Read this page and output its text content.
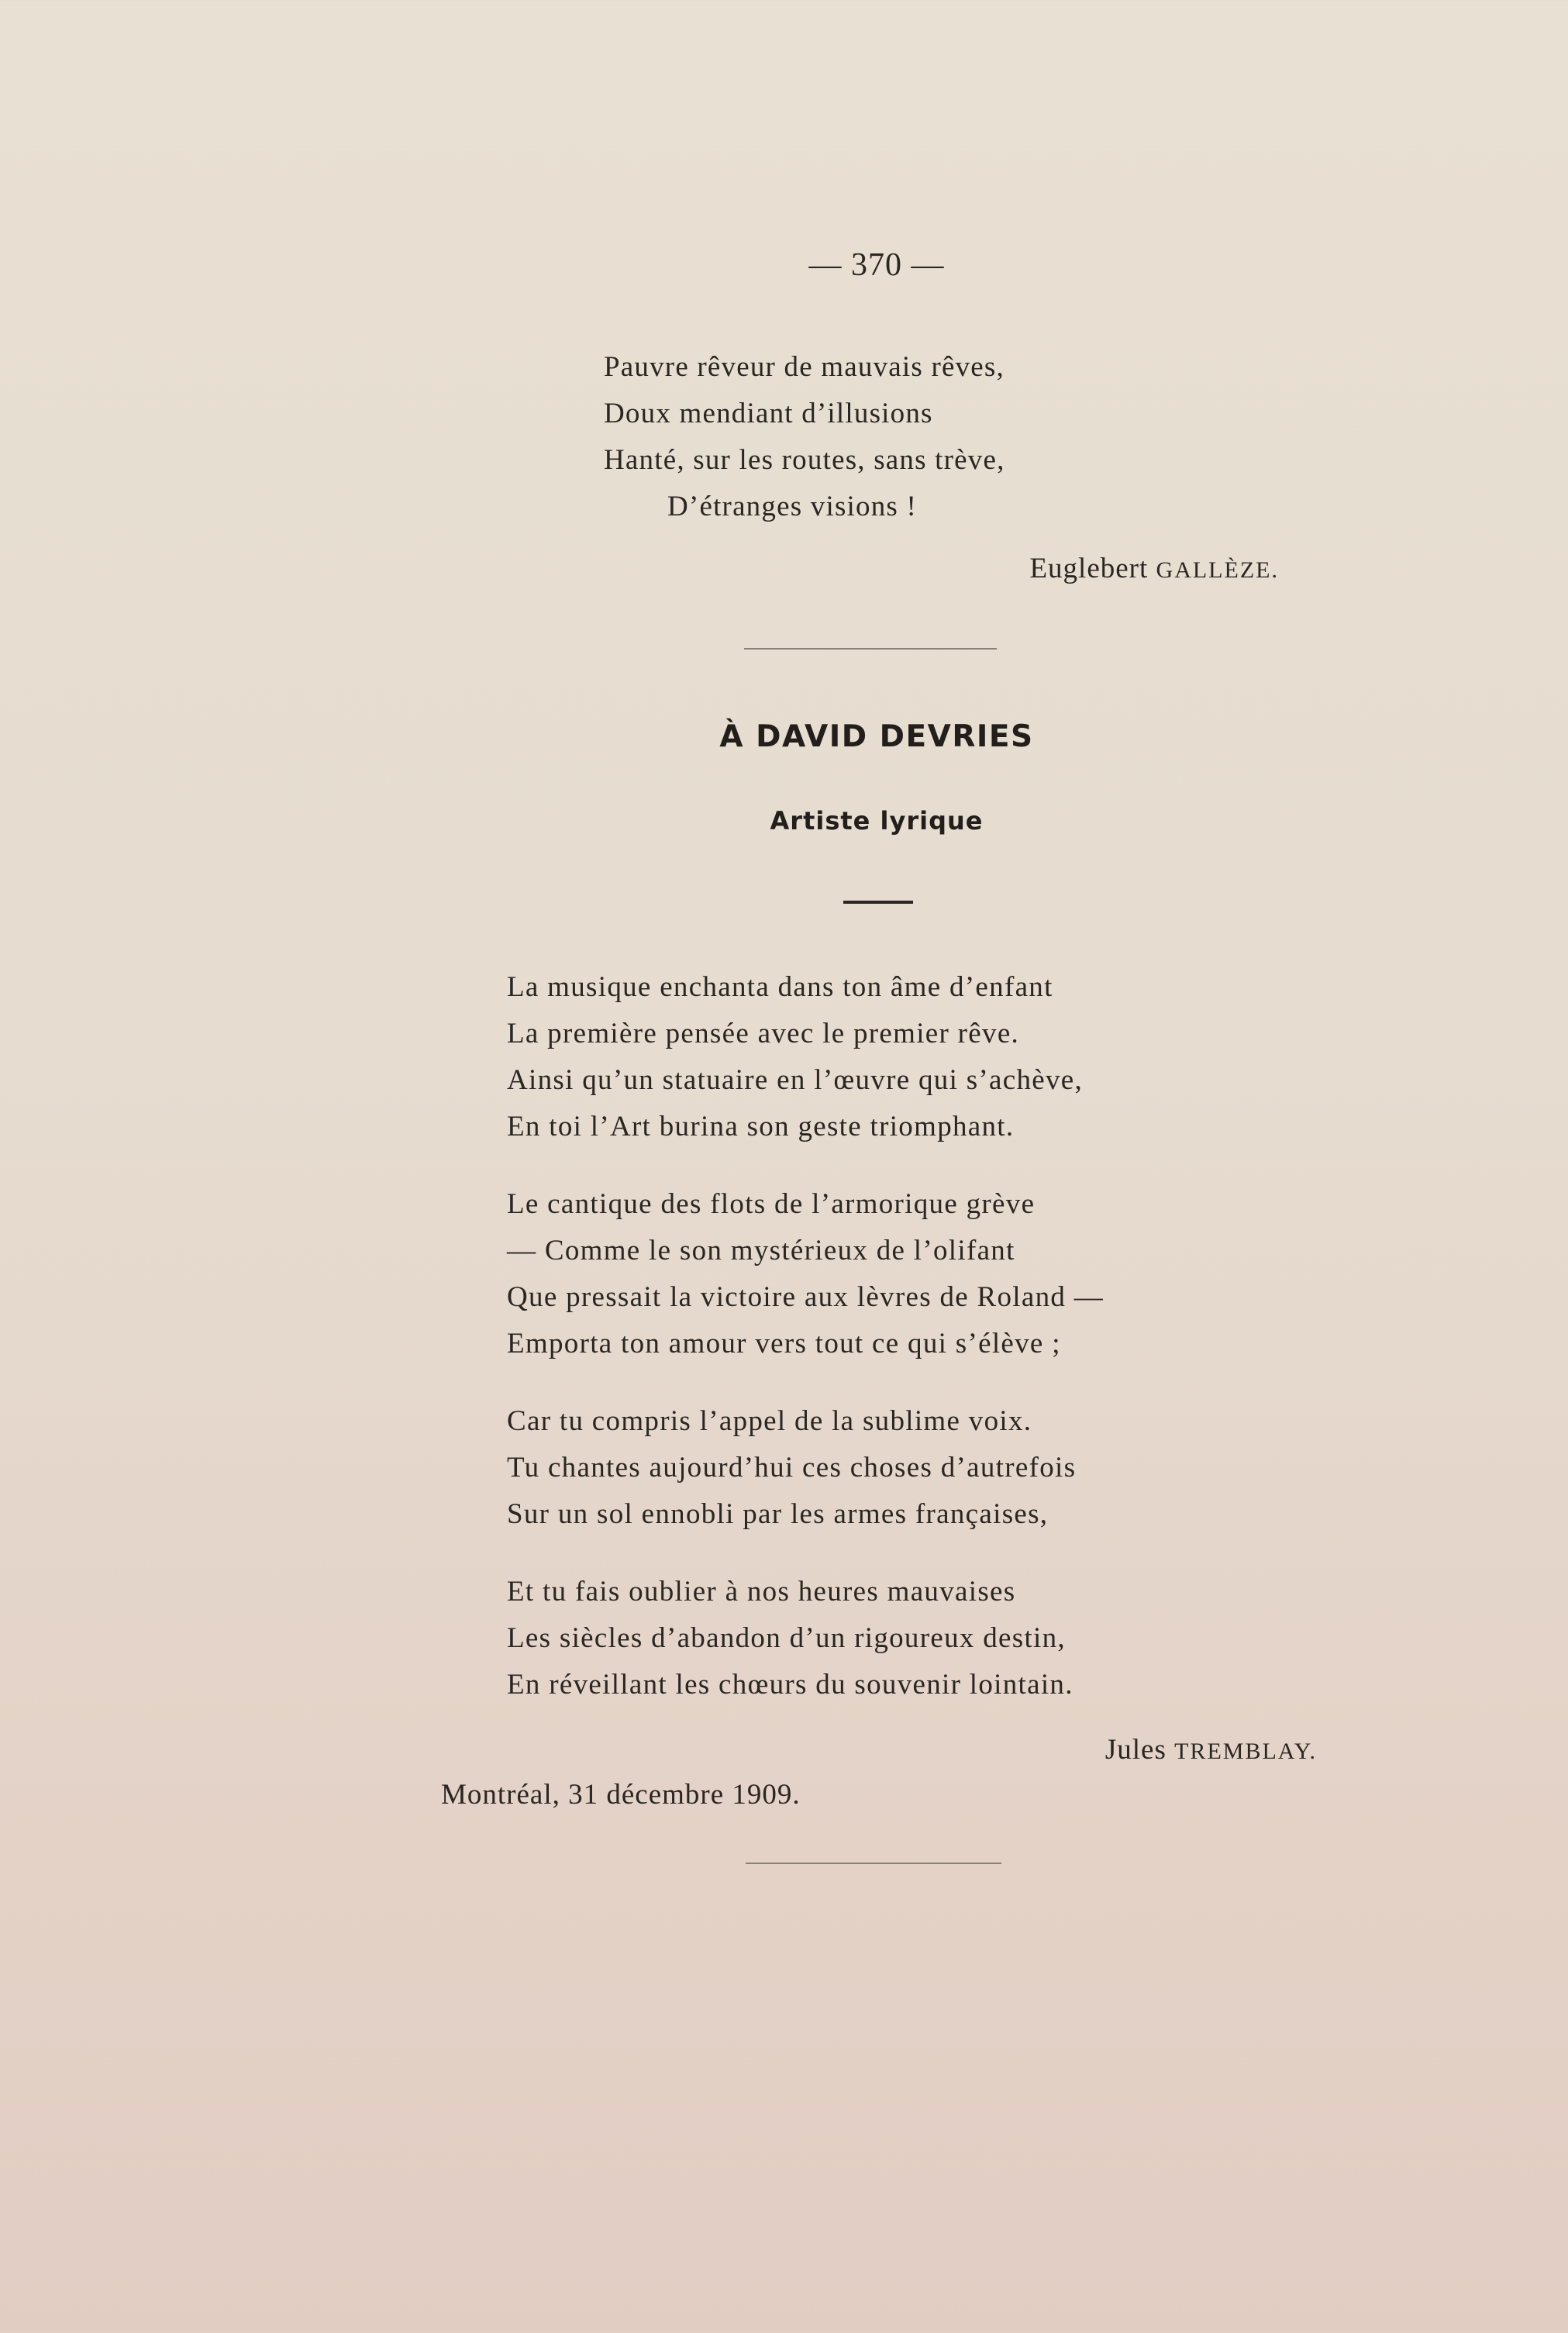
— 370 —
Pauvre rêveur de mauvais rêves,
Doux mendiant d’illusions
Hanté, sur les routes, sans trève,
D’étranges visions !
Euglebert GALLÈZE.
À DAVID DEVRIES
Artiste lyrique
La musique enchanta dans ton âme d’enfant
La première pensée avec le premier rêve.
Ainsi qu’un statuaire en l’œuvre qui s’achève,
En toi l’Art burina son geste triomphant.
Le cantique des flots de l’armorique grève
— Comme le son mystérieux de l’olifant
Que pressait la victoire aux lèvres de Roland —
Emporta ton amour vers tout ce qui s’élève ;
Car tu compris l’appel de la sublime voix.
Tu chantes aujourd’hui ces choses d’autrefois
Sur un sol ennobli par les armes françaises,
Et tu fais oublier à nos heures mauvaises
Les siècles d’abandon d’un rigoureux destin,
En réveillant les chœurs du souvenir lointain.
Jules TREMBLAY.
Montréal, 31 décembre 1909.
